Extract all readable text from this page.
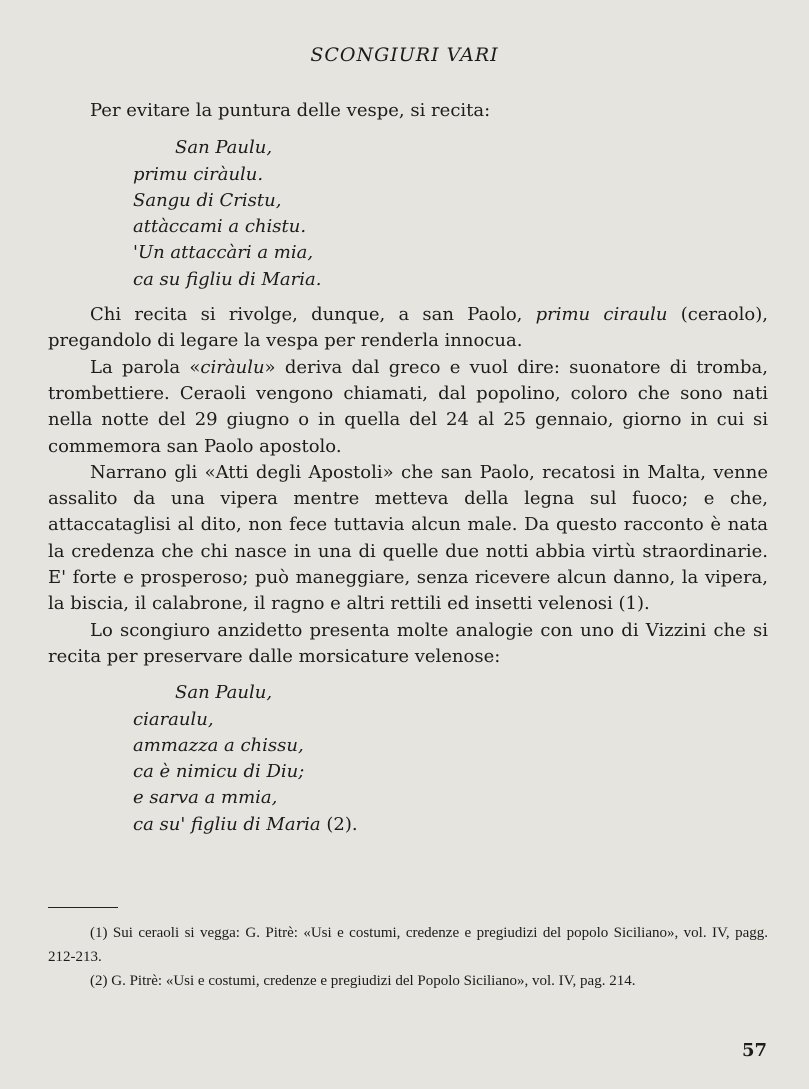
SCONGIURI VARI

Per evitare la puntura delle vespe, si recita:

San Paulu,
primu ciràulu.
Sangu di Cristu,
attàccami a chistu.
'Un attaccàri a mia,
ca su figliu di Maria.

Chi recita si rivolge, dunque, a san Paolo, primu ciraulu (ceraolo), pregandolo di legare la vespa per renderla innocua.

La parola «ciràulu» deriva dal greco e vuol dire: suonatore di tromba, trombettiere. Ceraoli vengono chiamati, dal popolino, coloro che sono nati nella notte del 29 giugno o in quella del 24 al 25 gennaio, giorno in cui si commemora san Paolo apostolo.

Narrano gli «Atti degli Apostoli» che san Paolo, recatosi in Malta, venne assalito da una vipera mentre metteva della legna sul fuoco; e che, attaccataglisi al dito, non fece tuttavia alcun male. Da questo racconto è nata la credenza che chi nasce in una di quelle due notti abbia virtù straordinarie. E' forte e prosperoso; può maneggiare, senza ricevere alcun danno, la vipera, la biscia, il calabrone, il ragno e altri rettili ed insetti velenosi (1).

Lo scongiuro anzidetto presenta molte analogie con uno di Vizzini che si recita per preservare dalle morsicature velenose:

San Paulu,
ciaraulu,
ammazza a chissu,
ca è nimicu di Diu;
e sarva a mmia,
ca su' figliu di Maria (2).

(1) Sui ceraoli si vegga: G. Pitrè: «Usi e costumi, credenze e pregiudizi del popolo Siciliano», vol. IV, pagg. 212-213.

(2) G. Pitrè: «Usi e costumi, credenze e pregiudizi del Popolo Siciliano», vol. IV, pag. 214.

57
